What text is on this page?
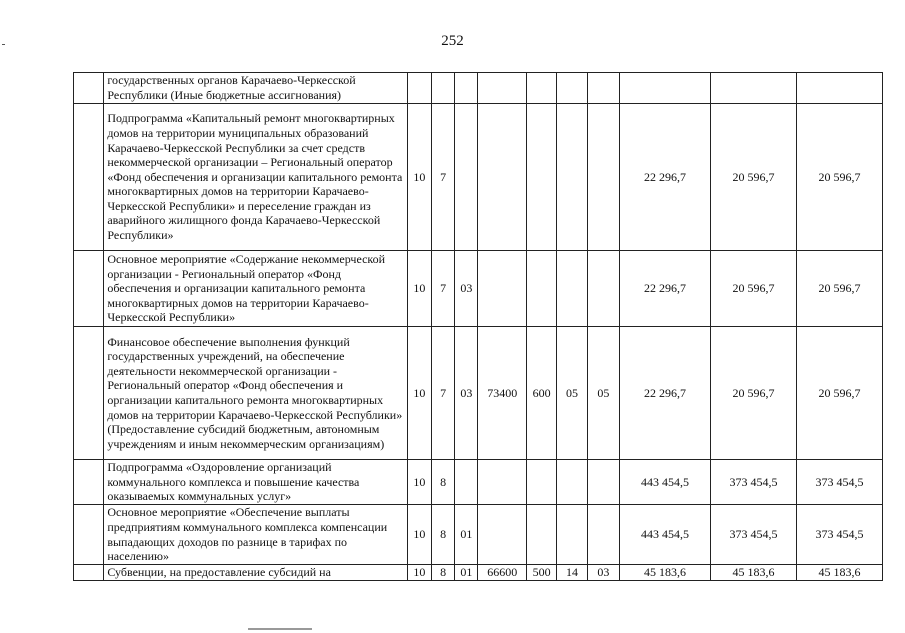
252
	государственных органов Карачаево-Черкесской Республики (Иные бюджетные ассигнования)										
	Подпрограмма «Капитальный ремонт многоквартирных домов на территории муниципальных образований Карачаево-Черкесской Республики за счет средств некоммерческой организации – Региональный оператор «Фонд обеспечения и организации капитального ремонта многоквартирных домов на территории Карачаево-Черкесской Республики» и переселение граждан из аварийного жилищного фонда Карачаево-Черкесской Республики»	10	7						22 296,7	20 596,7	20 596,7
	Основное мероприятие «Содержание некоммерческой организации - Региональный оператор «Фонд обеспечения и организации капитального ремонта многоквартирных домов на территории Карачаево-Черкесской Республики»	10	7	03					22 296,7	20 596,7	20 596,7
	Финансовое обеспечение выполнения функций государственных учреждений, на обеспечение деятельности некоммерческой организации - Региональный оператор «Фонд обеспечения и организации капитального ремонта многоквартирных домов на территории Карачаево-Черкесской Республики» (Предоставление субсидий бюджетным, автономным учреждениям и иным некоммерческим организациям)	10	7	03	73400	600	05	05	22 296,7	20 596,7	20 596,7
	Подпрограмма «Оздоровление организаций коммунального комплекса и повышение качества оказываемых коммунальных услуг»	10	8						443 454,5	373 454,5	373 454,5
	Основное мероприятие «Обеспечение выплаты предприятиям коммунального комплекса компенсации выпадающих доходов по разнице в тарифах по населению»	10	8	01					443 454,5	373 454,5	373 454,5
	Субвенции, на предоставление субсидий на	10	8	01	66600	500	14	03	45 183,6	45 183,6	45 183,6
